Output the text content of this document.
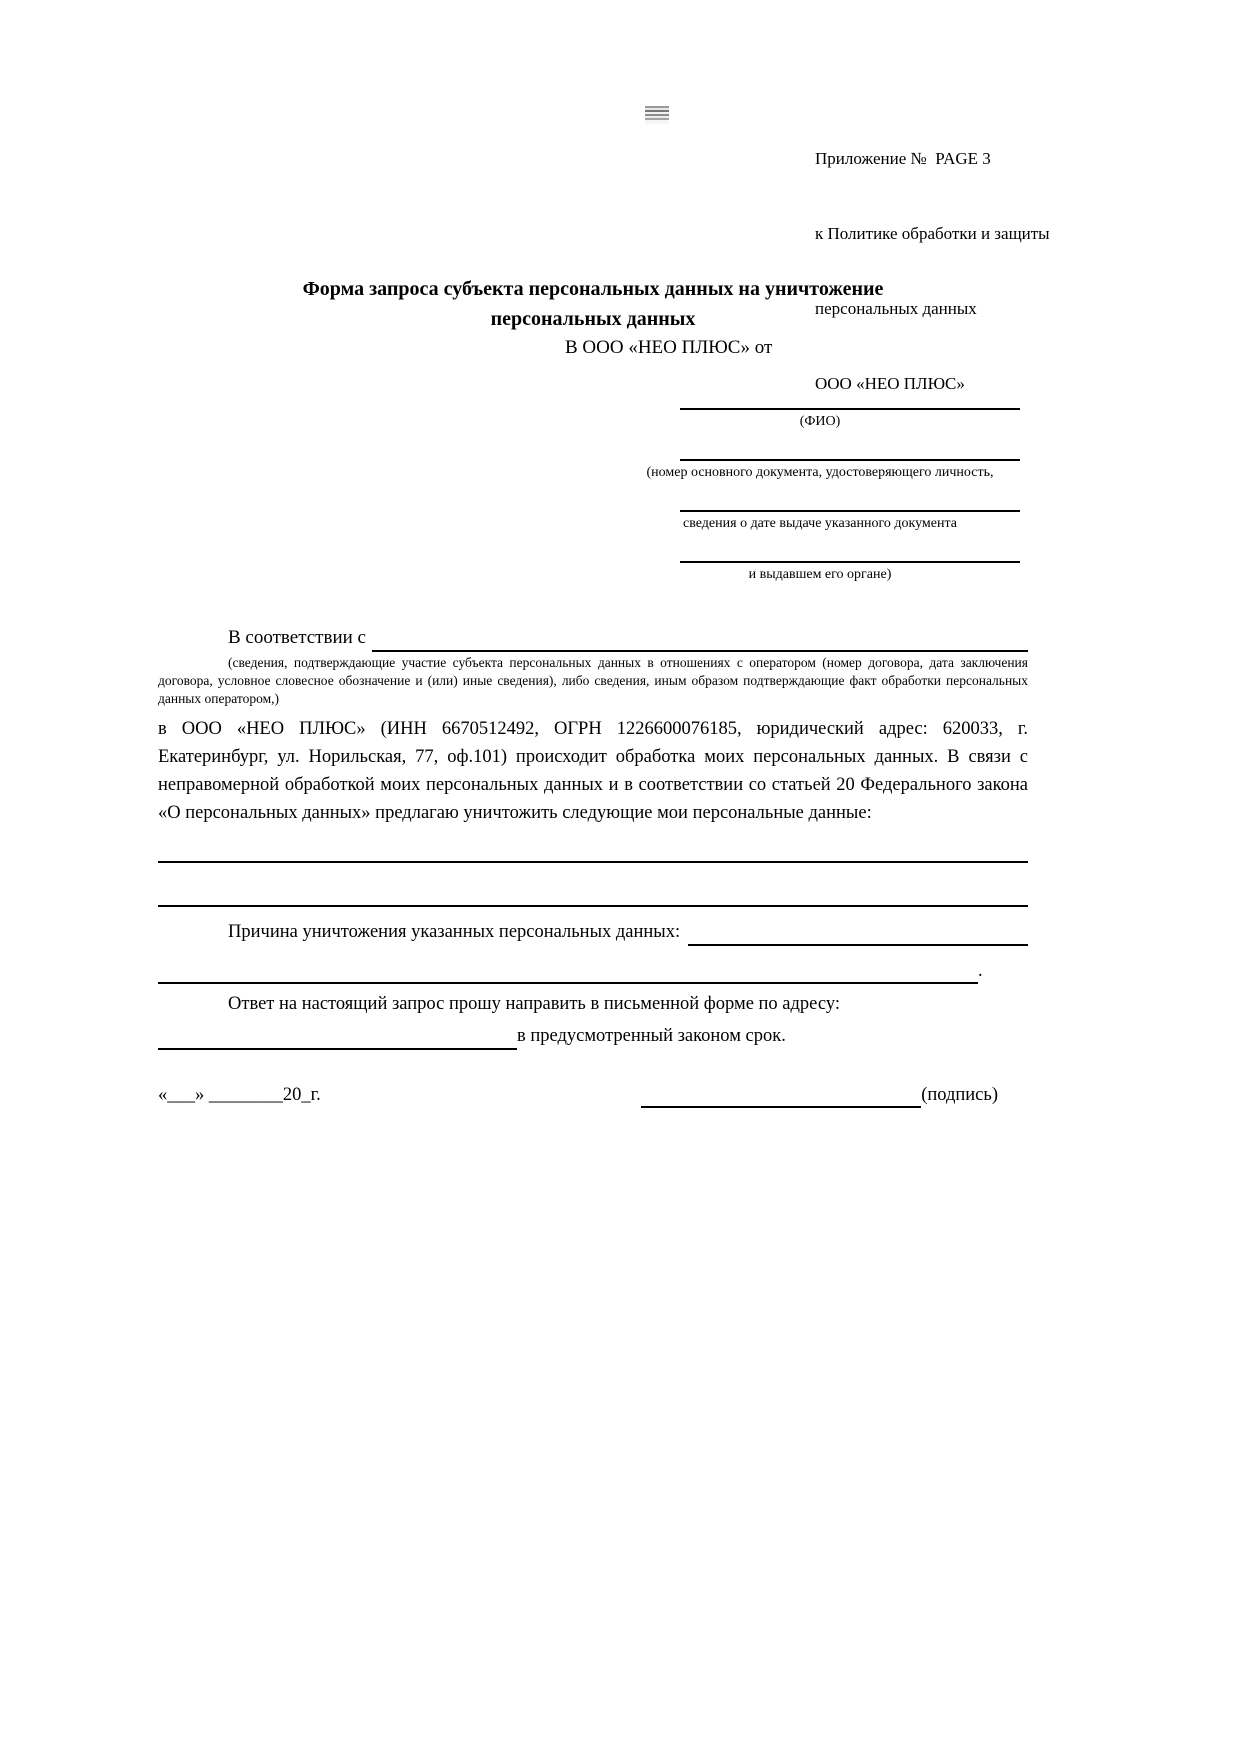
Приложение №  PAGE 3

к Политике обработки и защиты

персональных данных

ООО «НЕО ПЛЮС»

Форма запроса субъекта персональных данных на уничтожение
персональных данных
В ООО «НЕО ПЛЮС» от
(ФИО)
(номер основного документа, удостоверяющего личность,
сведения о дате выдаче указанного документа
и выдавшем его органе)
В соответствии с

(сведения, подтверждающие участие субъекта персональных данных в отношениях с оператором (номер договора, дата заключения договора, условное словесное обозначение и (или) иные сведения), либо сведения, иным образом подтверждающие факт обработки персональных данных оператором,)

в ООО «НЕО ПЛЮС» (ИНН 6670512492, ОГРН 1226600076185, юридический адрес: 620033, г. Екатеринбург, ул. Норильская, 77, оф.101) происходит обработка моих персональных данных. В связи с неправомерной обработкой моих персональных данных и в соответствии со статьей 20 Федерального закона «О персональных данных» предлагаю уничтожить следующие мои персональные данные:

Причина уничтожения указанных персональных данных:
.

Ответ на настоящий запрос прошу направить в письменной форме по адресу:

в предусмотренный законом срок.
«___» ________20_г.	(подпись)
